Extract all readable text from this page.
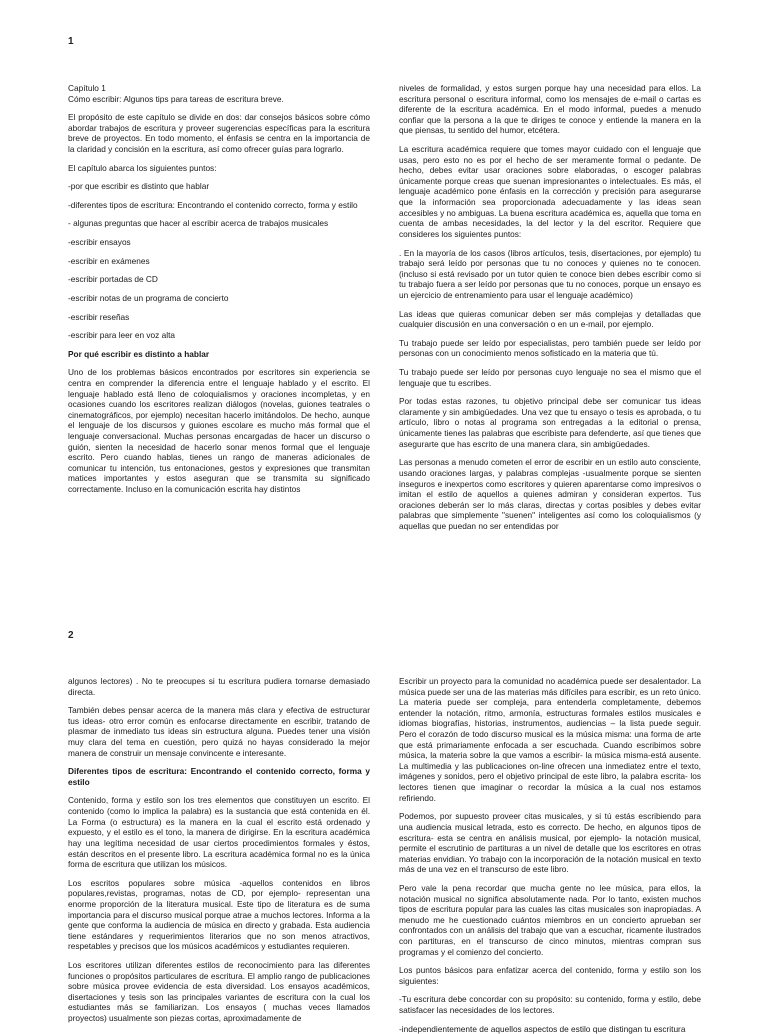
1

Capítulo 1

Cómo escribir: Algunos tips para tareas de escritura breve.

El propósito de este capítulo se divide en dos: dar consejos básicos sobre cómo abordar trabajos de escritura y proveer sugerencias específicas para la escritura breve de proyectos. En todo momento, el énfasis se centra en la importancia de la claridad y concisión en la escritura, así como ofrecer guías para lograrlo.

El capítulo abarca los siguientes puntos:

-por que escribir es distinto que hablar

-diferentes tipos de escritura: Encontrando el contenido correcto, forma y estilo

- algunas preguntas que hacer al escribir acerca de trabajos musicales

-escribir ensayos

-escribir en exámenes

-escribir portadas de CD

-escribir notas de un programa de concierto

-escribir reseñas

-escribir para leer en voz alta

Por qué escribir es distinto a hablar

Uno de los problemas básicos encontrados por escritores sin experiencia se centra en comprender la diferencia entre el lenguaje hablado y el escrito. El lenguaje hablado está lleno de coloquialismos y oraciones incompletas, y en ocasiones cuando los escritores realizan diálogos (novelas, guiones teatrales o cinematográficos, por ejemplo) necesitan hacerlo imitándolos. De hecho, aunque el lenguaje de los discursos y guiones escolare es mucho más formal que el lenguaje conversacional. Muchas personas encargadas de hacer un discurso o guión, sienten la necesidad de hacerlo sonar menos formal que el lenguaje escrito. Pero cuando hablas, tienes un rango de maneras adicionales de comunicar tu intención, tus entonaciones, gestos y expresiones que transmitan matices importantes y estos aseguran que se transmita su significado correctamente. Incluso en la comunicación escrita hay distintos

niveles de formalidad, y estos surgen porque hay una necesidad para ellos. La escritura personal o escritura informal, como los mensajes de e-mail o cartas es diferente de la escritura académica. En el modo informal, puedes a menudo confiar que la persona a la que te diriges te conoce y entiende la manera en la que piensas, tu sentido del humor, etcétera.

La escritura académica requiere que tomes mayor cuidado con el lenguaje que usas, pero esto no es por el hecho de ser meramente formal o pedante. De hecho, debes evitar usar oraciones sobre elaboradas, o escoger palabras únicamente porque creas que suenan impresionantes o intelectuales. Es más, el lenguaje académico pone énfasis en la corrección y precisión para asegurarse que la información sea proporcionada adecuadamente y las ideas sean accesibles y no ambiguas. La buena escritura académica es, aquella que toma en cuenta de ambas necesidades, la del lector y la del escritor. Requiere que consideres los siguientes puntos:

. En la mayoría de los casos (libros artículos, tesis, disertaciones, por ejemplo) tu trabajo será leído por personas que tu no conoces y quienes no te conocen. (incluso si está revisado por un tutor quien te conoce bien debes escribir como si tu trabajo fuera a ser leído por personas que tu no conoces, porque un ensayo es un ejercicio de entrenamiento para usar el lenguaje académico)

Las ideas que quieras comunicar deben ser más complejas y detalladas que cualquier discusión en una conversación o en un e-mail, por ejemplo.

Tu trabajo puede ser leído por especialistas, pero también puede ser leído por personas con un conocimiento menos sofisticado en la materia que tú.

Tu trabajo puede ser leído por personas cuyo lenguaje no sea el mismo que el lenguaje que tu escribes.

Por todas estas razones, tu objetivo principal debe ser comunicar tus ideas claramente y sin ambigüedades. Una vez que tu ensayo o tesis es aprobada, o tu artículo, libro o notas al programa son entregadas a la editorial o prensa, únicamente tienes las palabras que escribiste para defenderte, así que tienes que asegurarte que has escrito de una manera clara, sin ambigüedades.

Las personas a menudo cometen el error de escribir en un estilo auto consciente, usando oraciones largas, y palabras complejas -usualmente porque se sienten inseguros e inexpertos como escritores y quieren aparentarse como impresivos o imitan el estilo de aquellos a quienes admiran y consideran expertos. Tus oraciones deberán ser lo más claras, directas y cortas posibles y debes evitar palabras que simplemente "suenen" inteligentes así como los coloquialismos (y aquellas que puedan no ser entendidas por

2

algunos lectores) . No te preocupes si tu escritura pudiera tornarse demasiado directa.

También debes pensar acerca de la manera más clara y efectiva de estructurar tus ideas- otro error común es enfocarse directamente en escribir, tratando de plasmar de inmediato tus ideas sin estructura alguna. Puedes tener una visión muy clara del tema en cuestión, pero quizá no hayas considerado la mejor manera de construir un mensaje convincente e interesante.

Diferentes tipos de escritura: Encontrando el contenido correcto, forma y estilo

Contenido, forma y estilo son los tres elementos que constituyen un escrito. El contenido (como lo implica la palabra) es la sustancia que está contenida en él. La Forma (o estructura) es la manera en la cual el escrito está ordenado y expuesto, y el estilo es el tono, la manera de dirigirse. En la escritura académica hay una legítima necesidad de usar ciertos procedimientos formales y éstos, están descritos en el presente libro. La escritura académica formal no es la única forma de escritura que utilizan los músicos.

Los escritos populares sobre música -aquellos contenidos en libros populares,revistas, programas, notas de CD, por ejemplo- representan una enorme proporción de la literatura musical. Este tipo de literatura es de suma importancia para el discurso musical porque atrae a muchos lectores. Informa a la gente que conforma la audiencia de música en directo y grabada. Esta audiencia tiene estándares y requerimientos literarios que no son menos atractivos, respetables y precisos que los músicos académicos y estudiantes requieren.

Los escritores utilizan diferentes estilos de reconocimiento para las diferentes funciones o propósitos particulares de escritura. El amplio rango de publicaciones sobre música provee evidencia de esta diversidad. Los ensayos académicos, disertaciones y tesis son las principales variantes de escritura con la cual los estudiantes más se familiarizan. Los ensayos ( muchas veces llamados proyectos) usualmente son piezas cortas, aproximadamente de

Escribir un proyecto para la comunidad no académica puede ser desalentador. La música puede ser una de las materias más difíciles para escribir, es un reto único. La materia puede ser compleja, para entenderla completamente, debemos entender la notación, ritmo, armonía, estructuras formales estilos musicales e idiomas biografías, historias, instrumentos, audiencias – la lista puede seguir. Pero el corazón de todo discurso musical es la música misma: una forma de arte que está primariamente enfocada a ser escuchada. Cuando escribimos sobre música, la materia sobre la que vamos a escribir- la música misma-está ausente. La multimedia y las publicaciones on-line ofrecen una inmediatez entre el texto, imágenes y sonidos, pero el objetivo principal de este libro, la palabra escrita- los lectores tienen que imaginar o recordar la música a la cual nos estamos refiriendo.

Podemos, por supuesto proveer citas musicales, y si tú estás escribiendo para una audiencia musical letrada, esto es correcto. De hecho, en algunos tipos de escritura- esta se centra en análisis musical, por ejemplo- la notación musical, permite el escrutinio de partituras a un nivel de detalle que los escritores en otras materias envidian. Yo trabajo con la incorporación de la notación musical en texto más de una vez en el transcurso de este libro.

Pero vale la pena recordar que mucha gente no lee música, para ellos, la notación musical no significa absolutamente nada. Por lo tanto, existen muchos tipos de escritura popular para las cuales las citas musicales son inapropiadas. A menudo me he cuestionado cuántos miembros en un concierto aprueban ser confrontados con un análisis del trabajo que van a escuchar, ricamente ilustrados con partituras, en el transcurso de cinco minutos, mientras compran sus programas y el comienzo del concierto.

Los puntos básicos para enfatizar acerca del contenido, forma y estilo son los siguientes:

-Tu escritura debe concordar con su propósito: su contenido, forma y estilo, debe satisfacer las necesidades de los lectores.

-independientemente de aquellos aspectos de estilo que distingan tu escritura
